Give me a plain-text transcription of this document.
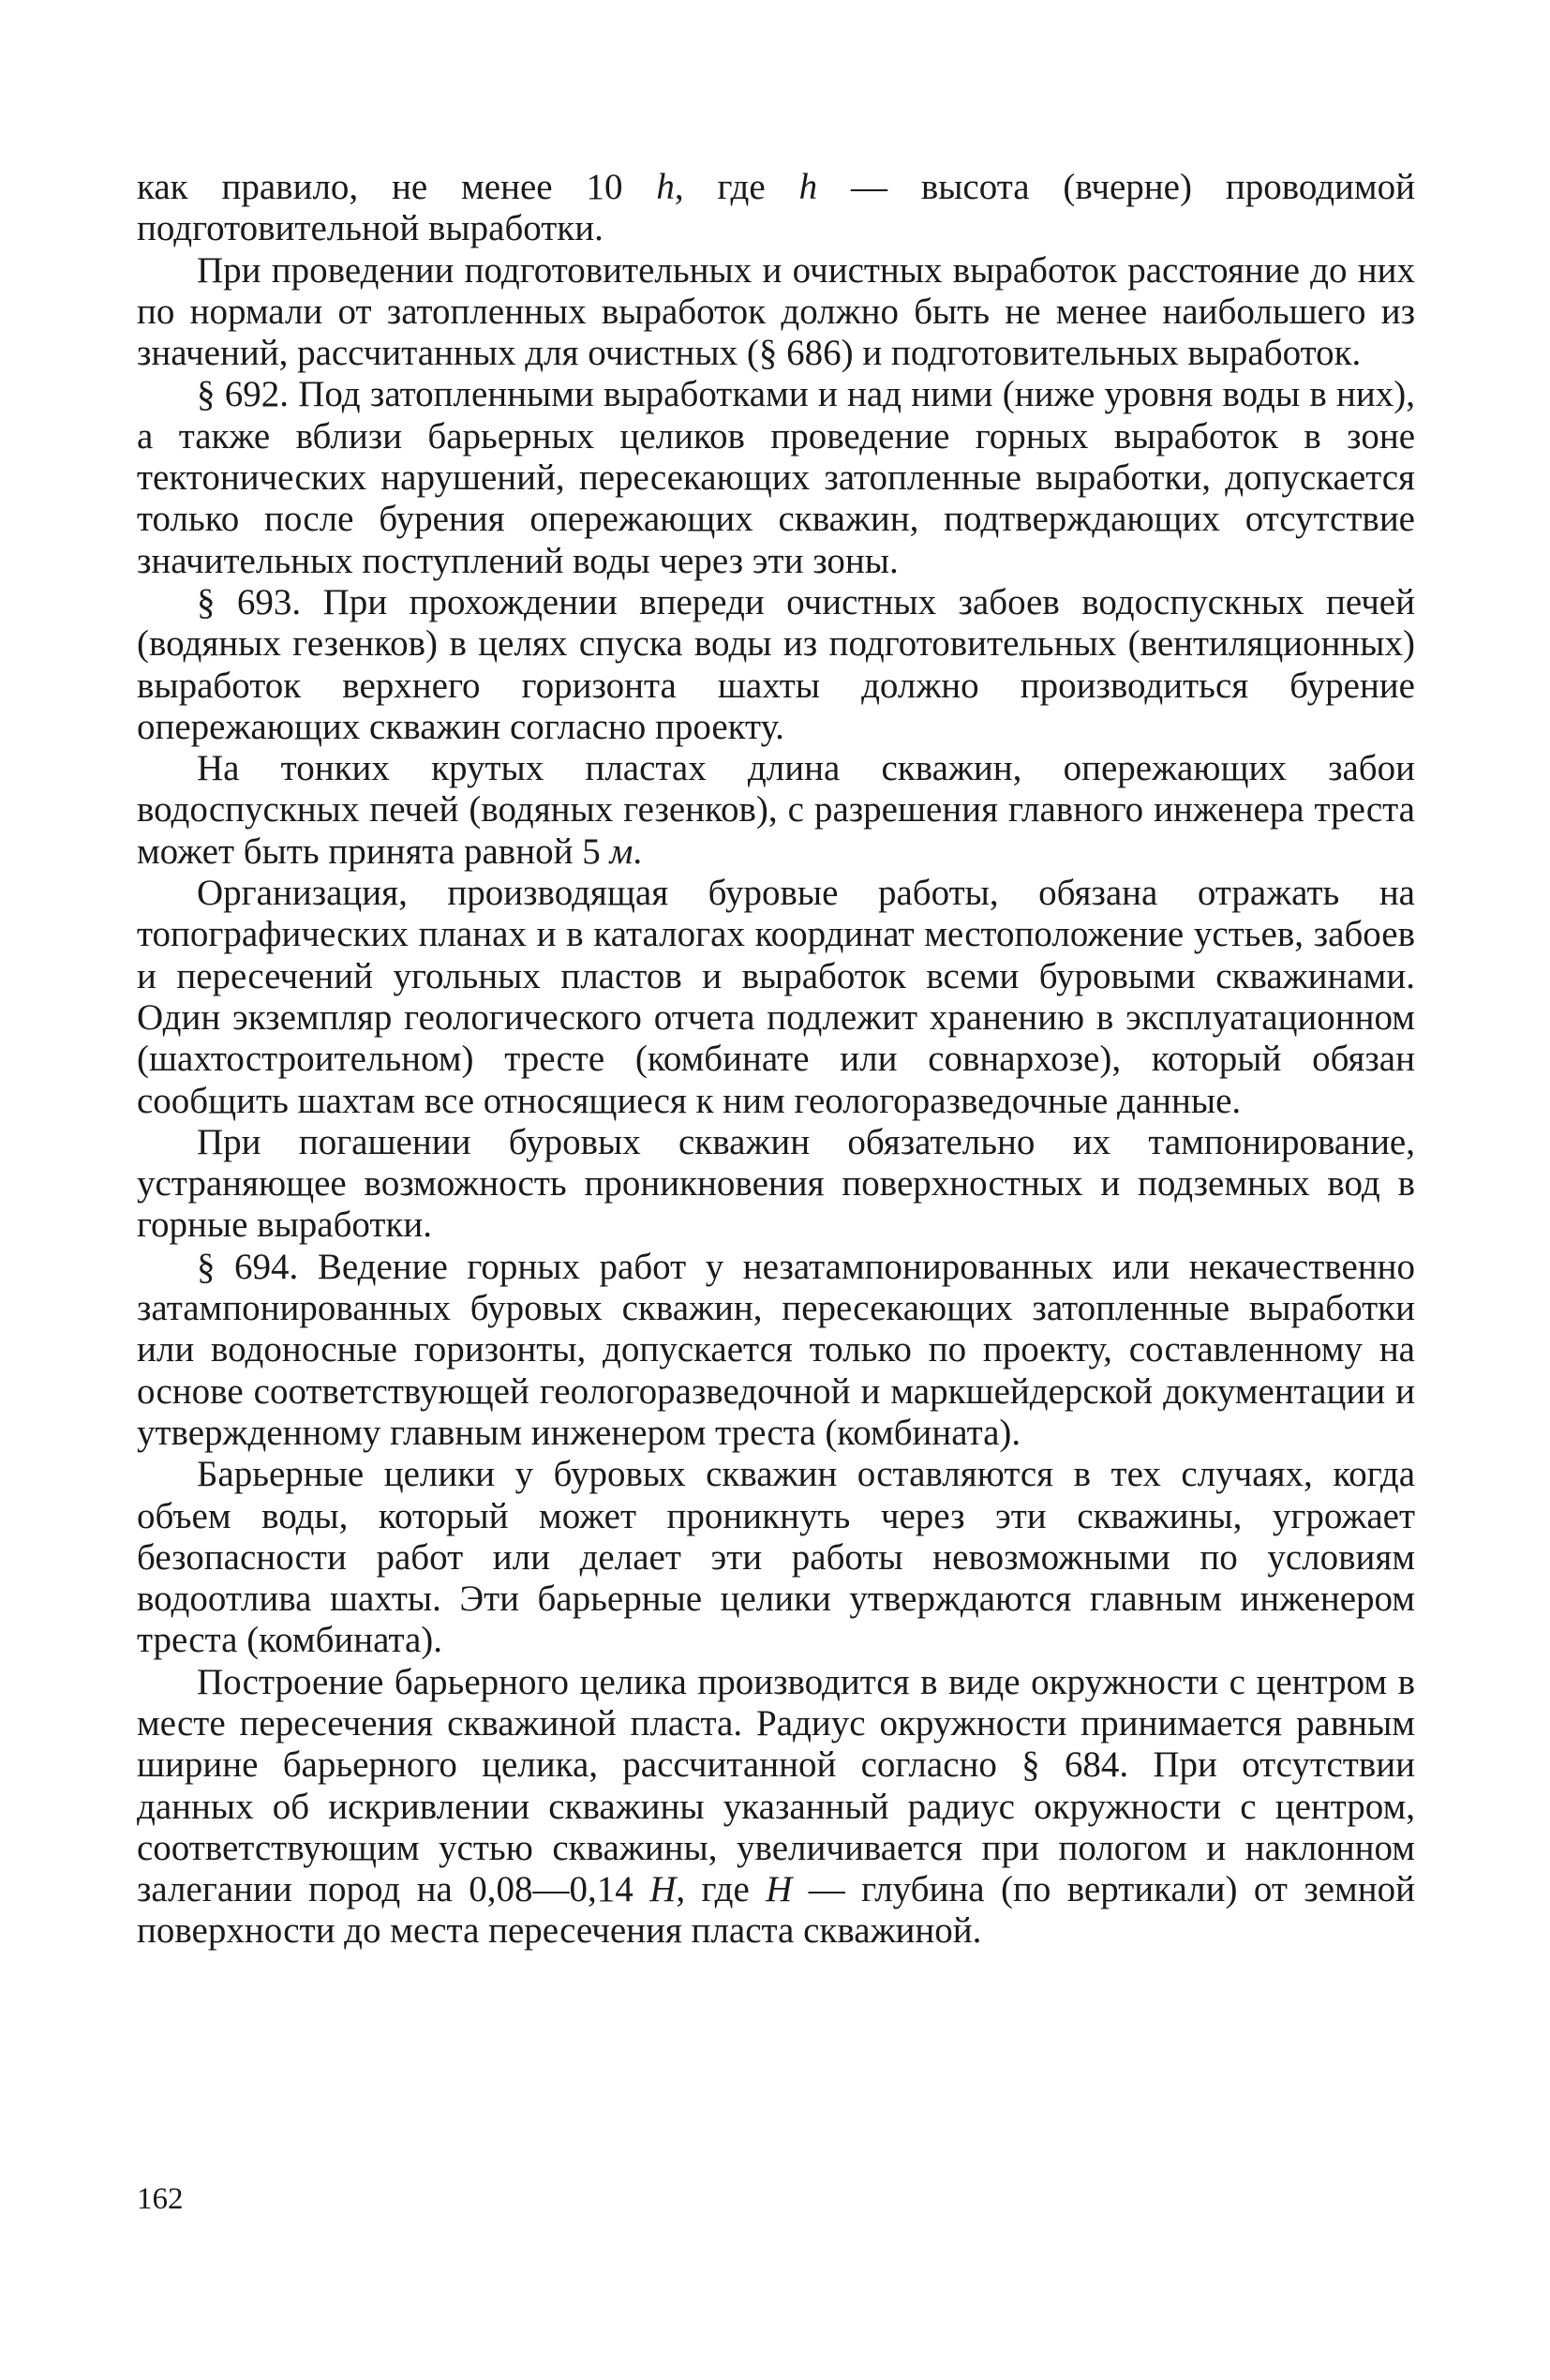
как правило, не менее 10 h, где h — высота (вчерне) проводимой подготовительной выработки.

При проведении подготовительных и очистных выработок расстояние до них по нормали от затопленных выработок должно быть не менее наибольшего из значений, рассчитанных для очистных (§ 686) и подготовительных выработок.

§ 692. Под затопленными выработками и над ними (ниже уровня воды в них), а также вблизи барьерных целиков проведение горных выработок в зоне тектонических нарушений, пересекающих затопленные выработки, допускается только после бурения опережающих скважин, подтверждающих отсутствие значительных поступлений воды через эти зоны.

§ 693. При прохождении впереди очистных забоев водоспускных печей (водяных гезенков) в целях спуска воды из подготовительных (вентиляционных) выработок верхнего горизонта шахты должно производиться бурение опережающих скважин согласно проекту.

На тонких крутых пластах длина скважин, опережающих забои водоспускных печей (водяных гезенков), с разрешения главного инженера треста может быть принята равной 5 м.

Организация, производящая буровые работы, обязана отражать на топографических планах и в каталогах координат местоположение устьев, забоев и пересечений угольных пластов и выработок всеми буровыми скважинами. Один экземпляр геологического отчета подлежит хранению в эксплуатационном (шахтостроительном) тресте (комбинате или совнархозе), который обязан сообщить шахтам все относящиеся к ним геологоразведочные данные.

При погашении буровых скважин обязательно их тампонирование, устраняющее возможность проникновения поверхностных и подземных вод в горные выработки.

§ 694. Ведение горных работ у незатампонированных или некачественно затампонированных буровых скважин, пересекающих затопленные выработки или водоносные горизонты, допускается только по проекту, составленному на основе соответствующей геологоразведочной и маркшейдерской документации и утвержденному главным инженером треста (комбината).

Барьерные целики у буровых скважин оставляются в тех случаях, когда объем воды, который может проникнуть через эти скважины, угрожает безопасности работ или делает эти работы невозможными по условиям водоотлива шахты. Эти барьерные целики утверждаются главным инженером треста (комбината).

Построение барьерного целика производится в виде окружности с центром в месте пересечения скважиной пласта. Радиус окружности принимается равным ширине барьерного целика, рассчитанной согласно § 684. При отсутствии данных об искривлении скважины указанный радиус окружности с центром, соответствующим устью скважины, увеличивается при пологом и наклонном залегании пород на 0,08—0,14 H, где H — глубина (по вертикали) от земной поверхности до места пересечения пласта скважиной.

162
